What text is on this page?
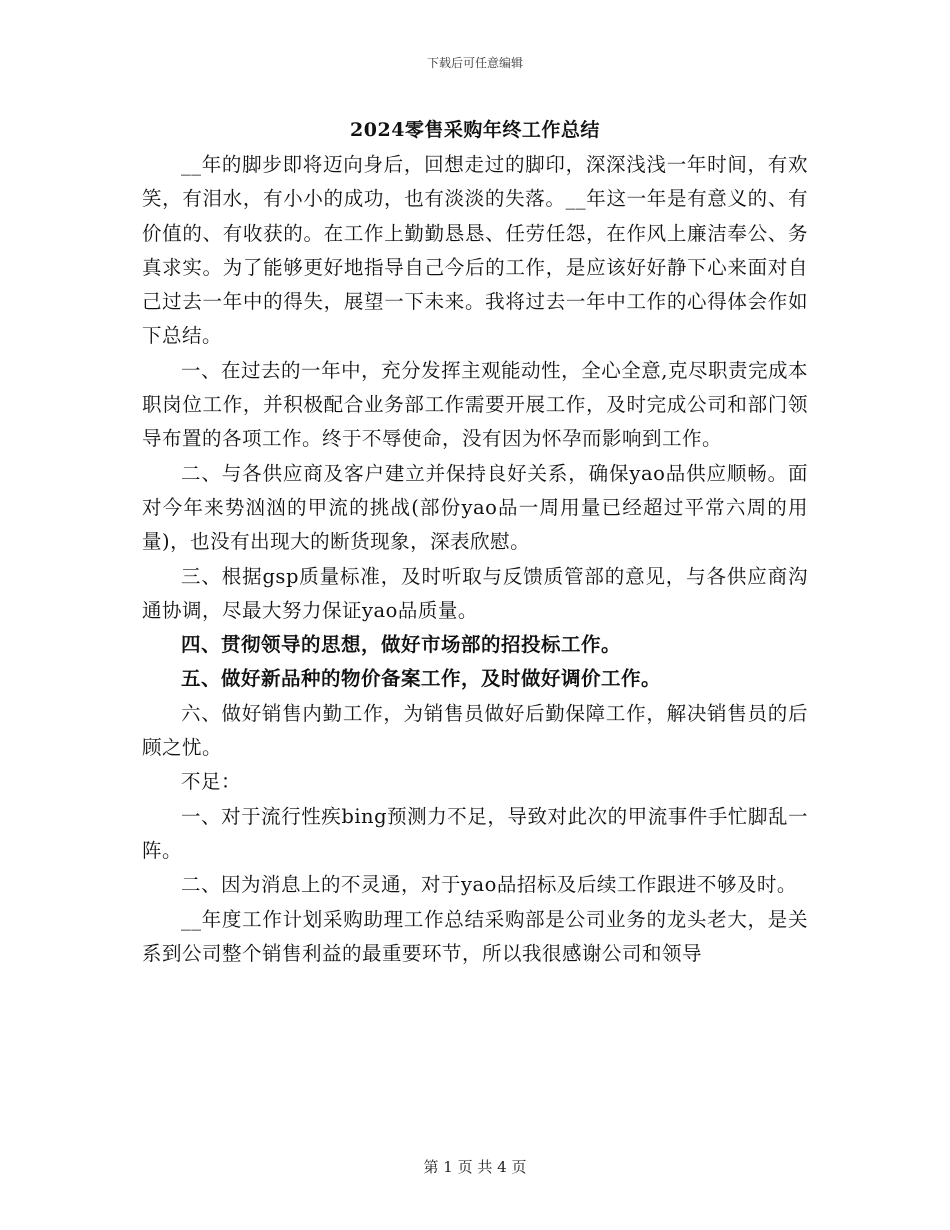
下载后可任意编辑
2024零售采购年终工作总结

__年的脚步即将迈向身后，回想走过的脚印，深深浅浅一年时间，有欢笑，有泪水，有小小的成功，也有淡淡的失落。__年这一年是有意义的、有价值的、有收获的。在工作上勤勤恳恳、任劳任怨，在作风上廉洁奉公、务真求实。为了能够更好地指导自己今后的工作，是应该好好静下心来面对自己过去一年中的得失，展望一下未来。我将过去一年中工作的心得体会作如下总结。

一、在过去的一年中，充分发挥主观能动性，全心全意,克尽职责完成本职岗位工作，并积极配合业务部工作需要开展工作，及时完成公司和部门领导布置的各项工作。终于不辱使命，没有因为怀孕而影响到工作。

二、与各供应商及客户建立并保持良好关系，确保yao品供应顺畅。面对今年来势汹汹的甲流的挑战(部份yao品一周用量已经超过平常六周的用量)，也没有出现大的断货现象，深表欣慰。

三、根据gsp质量标准，及时听取与反馈质管部的意见，与各供应商沟通协调，尽最大努力保证yao品质量。

四、贯彻领导的思想，做好市场部的招投标工作。

五、做好新品种的物价备案工作，及时做好调价工作。

六、做好销售内勤工作，为销售员做好后勤保障工作，解决销售员的后顾之忧。

不足：

一、对于流行性疾bing预测力不足，导致对此次的甲流事件手忙脚乱一阵。

二、因为消息上的不灵通，对于yao品招标及后续工作跟进不够及时。

__年度工作计划采购助理工作总结采购部是公司业务的龙头老大，是关系到公司整个销售利益的最重要环节，所以我很感谢公司和领导

第 1 页 共 4 页
